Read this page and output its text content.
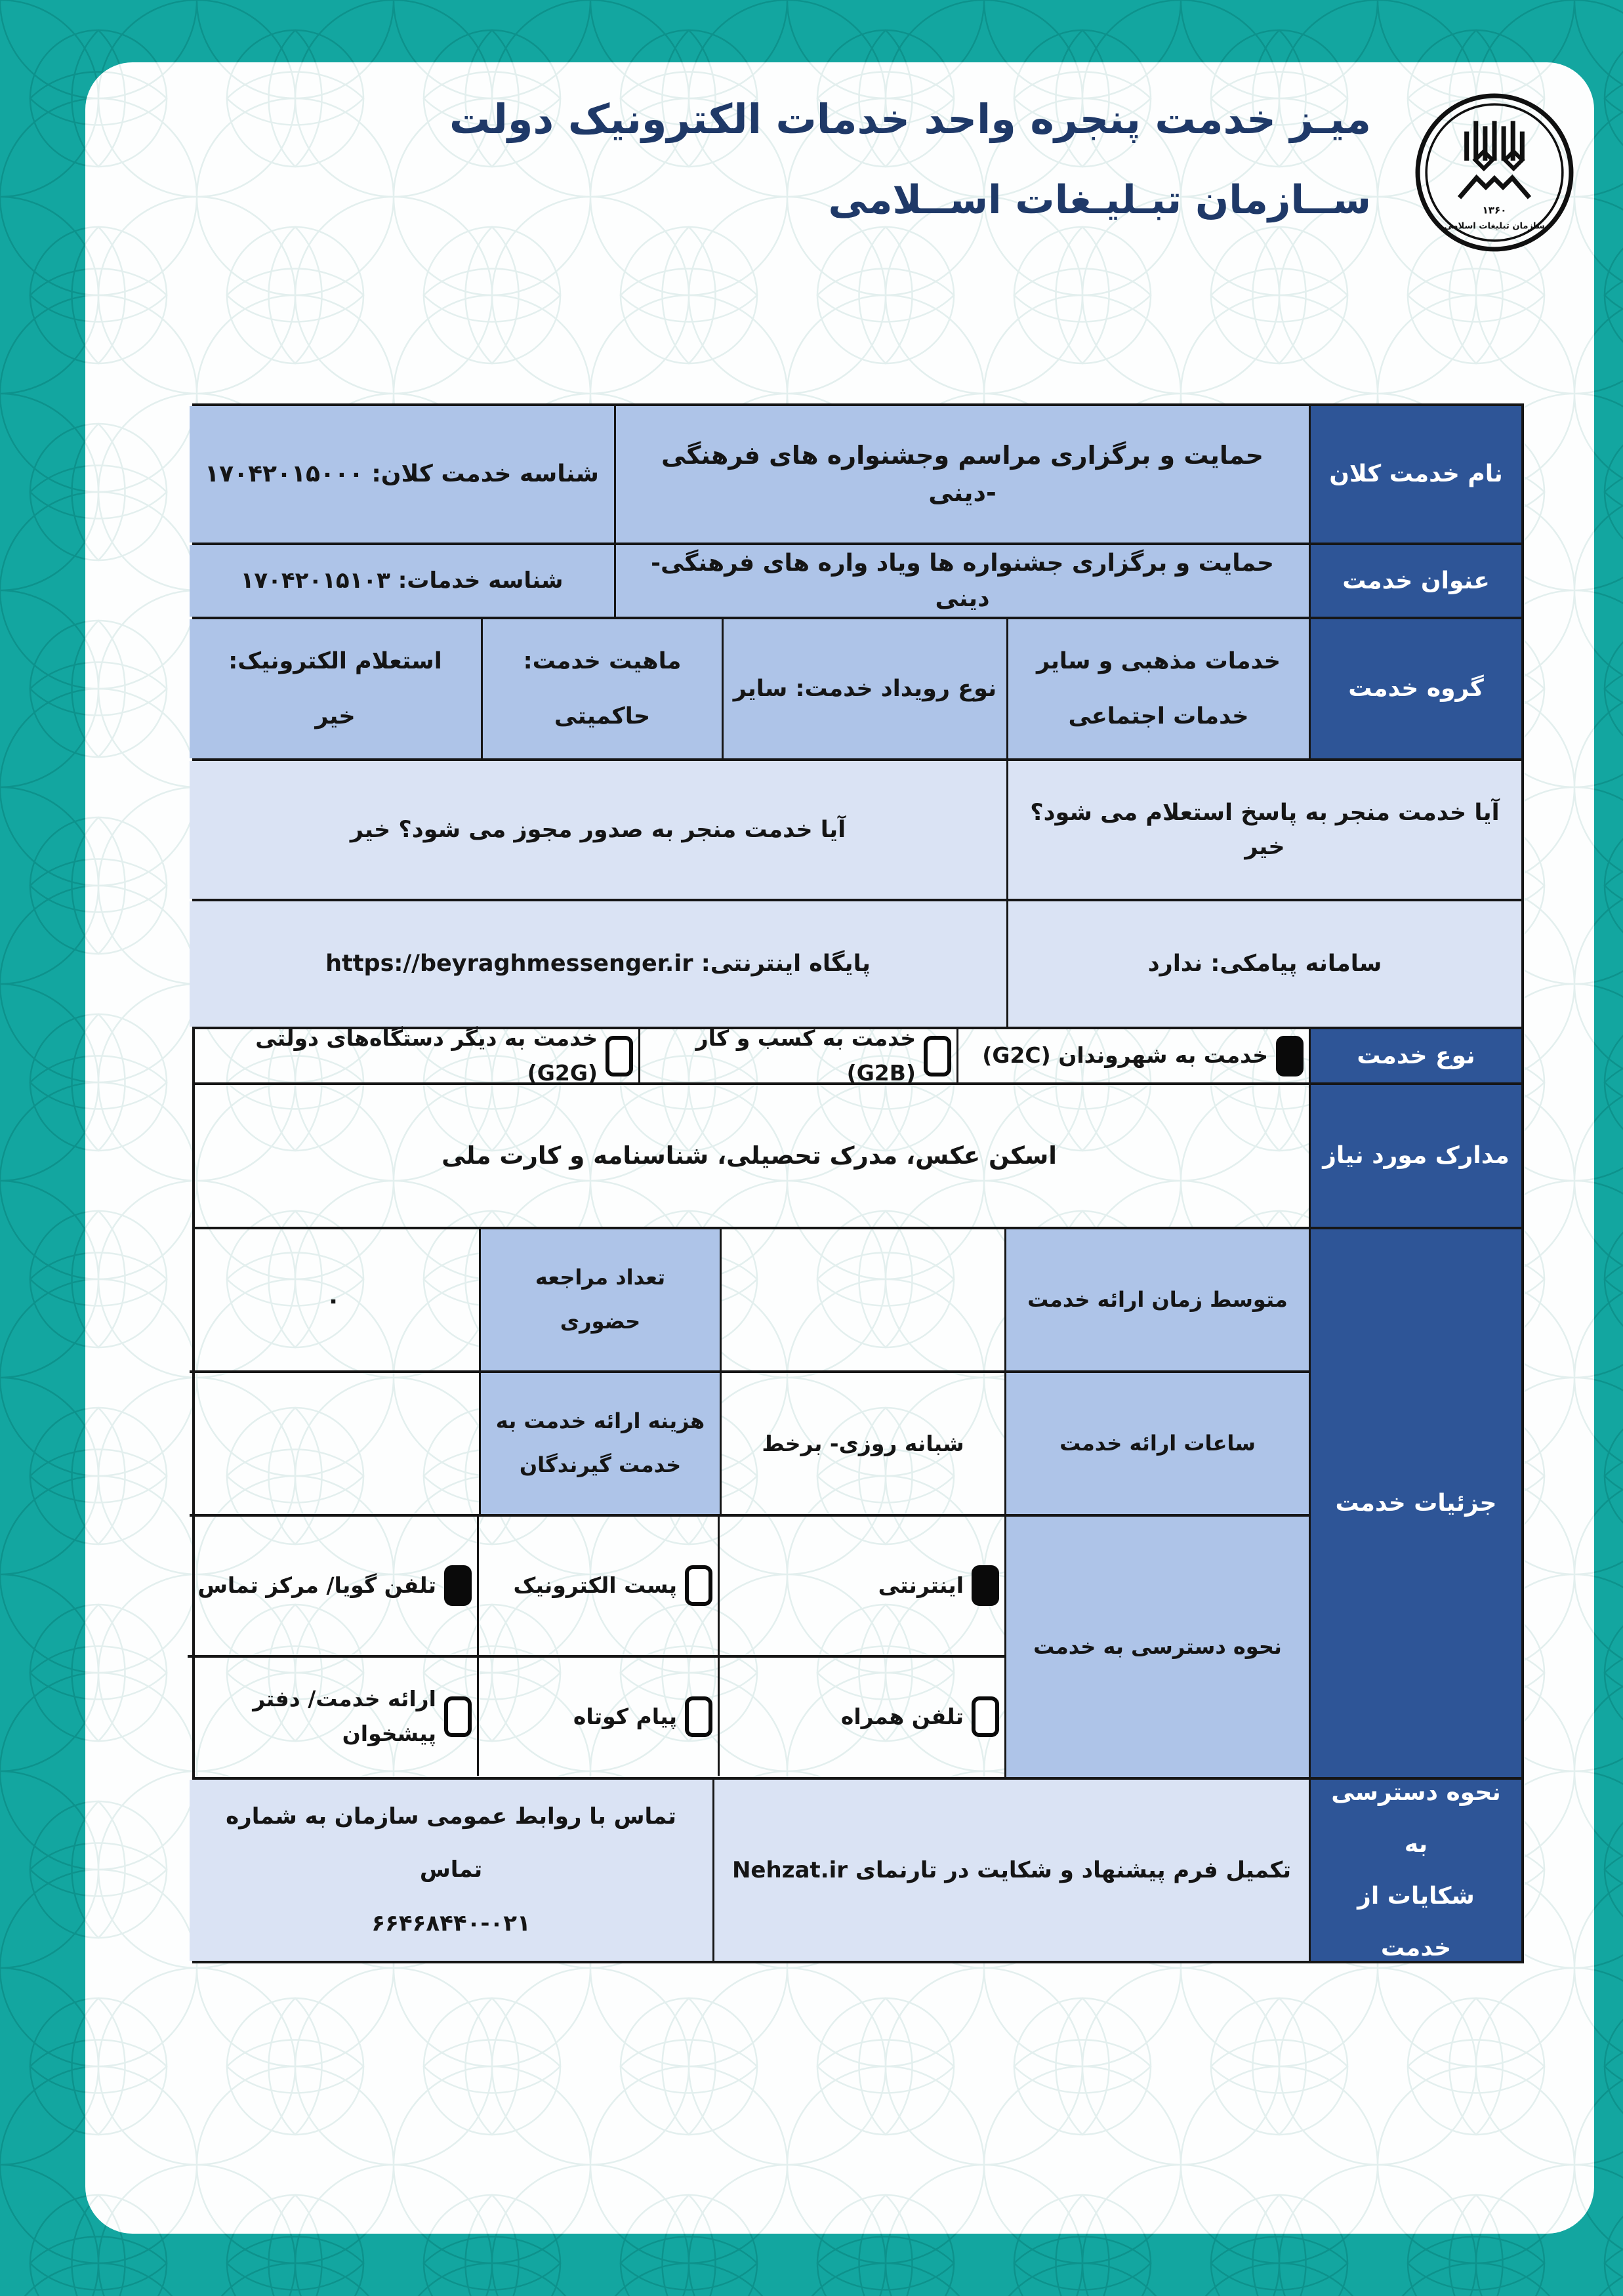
میـز خدمت پنجره واحد خدمات الکترونیک دولت
ســازمان تبـلیـغات اســلامی	۱۳۶۰
سازمان تبلیغات اسلامی
نام خدمت کلان
حمایت و برگزاری مراسم وجشنواره های فرهنگی -دینی
شناسه خدمت کلان: ۱۷۰۴۲۰۱۵۰۰۰
عنوان خدمت
حمایت و برگزاری جشنواره ها ویاد واره های فرهنگی-دینی
شناسه خدمات: ۱۷۰۴۲۰۱۵۱۰۳
گروه خدمت
خدمات مذهبی و سایر
خدمات اجتماعی
نوع رویداد خدمت: سایر
ماهیت خدمت:
حاکمیتی
استعلام الکترونیک:
خیر
آیا خدمت منجر به پاسخ استعلام می شود؟ خیر
آیا خدمت منجر به صدور مجوز می شود؟ خیر
سامانه پیامکی: ندارد
پایگاه اینترنتی: https://beyraghmessenger.ir
نوع خدمت
خدمت به شهروندان (G2C)
خدمت به کسب و کار (G2B)
خدمت به دیگر دستگاه‌های دولتی (G2G)
مدارک مورد نیاز
اسکن عکس، مدرک تحصیلی، شناسنامه و کارت ملی
جزئیات خدمت
متوسط زمان ارائه خدمت
تعداد مراجعه
حضوری
۰
ساعات ارائه خدمت
شبانه روزی- برخط
هزینه ارائه خدمت به
خدمت گیرندگان
نحوه دسترسی به خدمت
اینترنتی
پست الکترونیک
تلفن گویا/ مرکز تماس
تلفن همراه
پیام کوتاه
ارائه خدمت/ دفتر پیشخوان
نحوه دسترسی به
شکایات از خدمت
تکمیل فرم پیشنهاد و شکایت در تارنمای Nehzat.ir
تماس با روابط عمومی سازمان به شماره تماس
۶۶۴۶۸۴۴۰-۰۲۱
